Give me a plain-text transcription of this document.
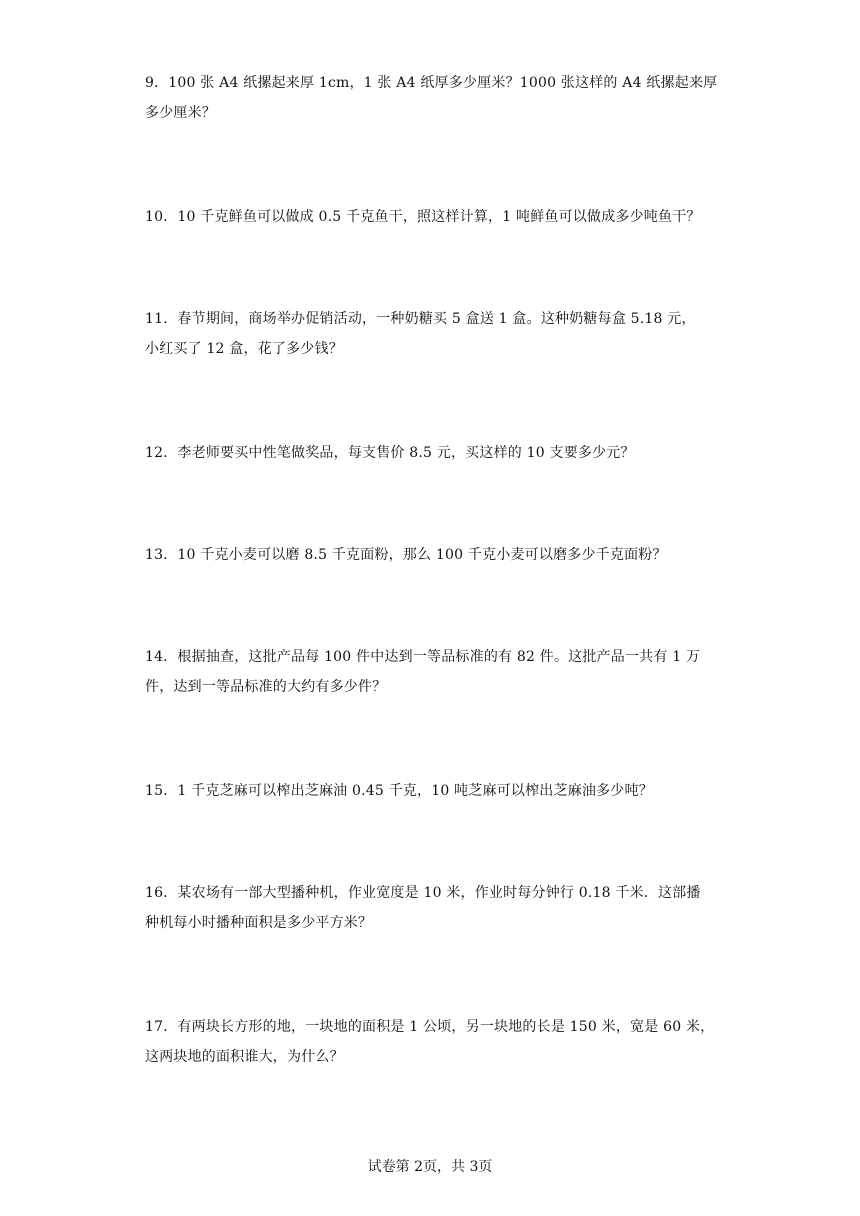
9．100 张 A4 纸摞起来厚 1cm，1 张 A4 纸厚多少厘米？1000 张这样的 A4 纸摞起来厚

多少厘米？

10．10 千克鲜鱼可以做成 0.5 千克鱼干，照这样计算，1 吨鲜鱼可以做成多少吨鱼干？

11．春节期间，商场举办促销活动，一种奶糖买 5 盒送 1 盒。这种奶糖每盒 5.18 元，

小红买了 12 盒，花了多少钱？

12．李老师要买中性笔做奖品，每支售价 8.5 元，买这样的 10 支要多少元？

13．10 千克小麦可以磨 8.5 千克面粉，那么 100 千克小麦可以磨多少千克面粉？

14．根据抽查，这批产品每 100 件中达到一等品标准的有 82 件。这批产品一共有 1 万

件，达到一等品标准的大约有多少件？

15．1 千克芝麻可以榨出芝麻油 0.45 千克，10 吨芝麻可以榨出芝麻油多少吨？

16．某农场有一部大型播种机，作业宽度是 10 米，作业时每分钟行 0.18 千米．这部播

种机每小时播种面积是多少平方米？

17．有两块长方形的地，一块地的面积是 1 公顷，另一块地的长是 150 米，宽是 60 米，

这两块地的面积谁大，为什么？

试卷第 2页，共 3页
